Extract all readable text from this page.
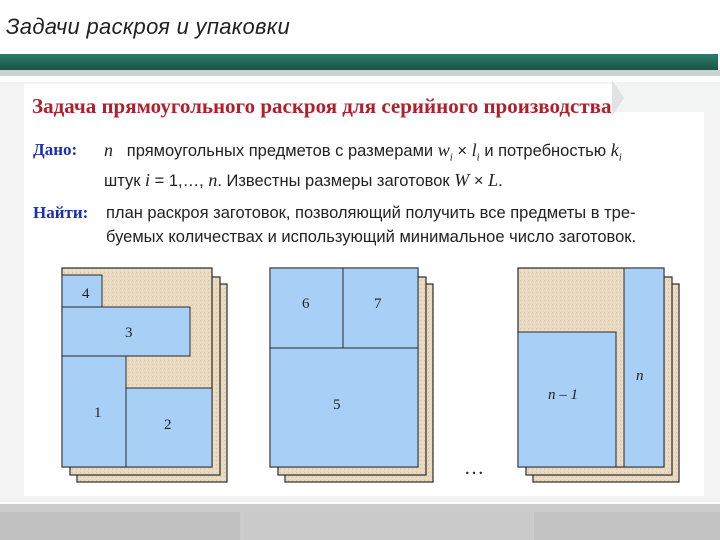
Задачи раскроя и упаковки
Задача прямоугольного раскроя для серийного производства
Дано: n прямоугольных предметов с размерами $w_i \times l_i$ и потребностью $k_i$
штук i = 1,…, n. Известны размеры заготовок W × L.
Найти: план раскроя заготовок, позволяющий получить все предметы в тре-
буемых количествах и использующий минимальное число заготовок.
4
3
1
2
6	7
5
…
n – 1
n
